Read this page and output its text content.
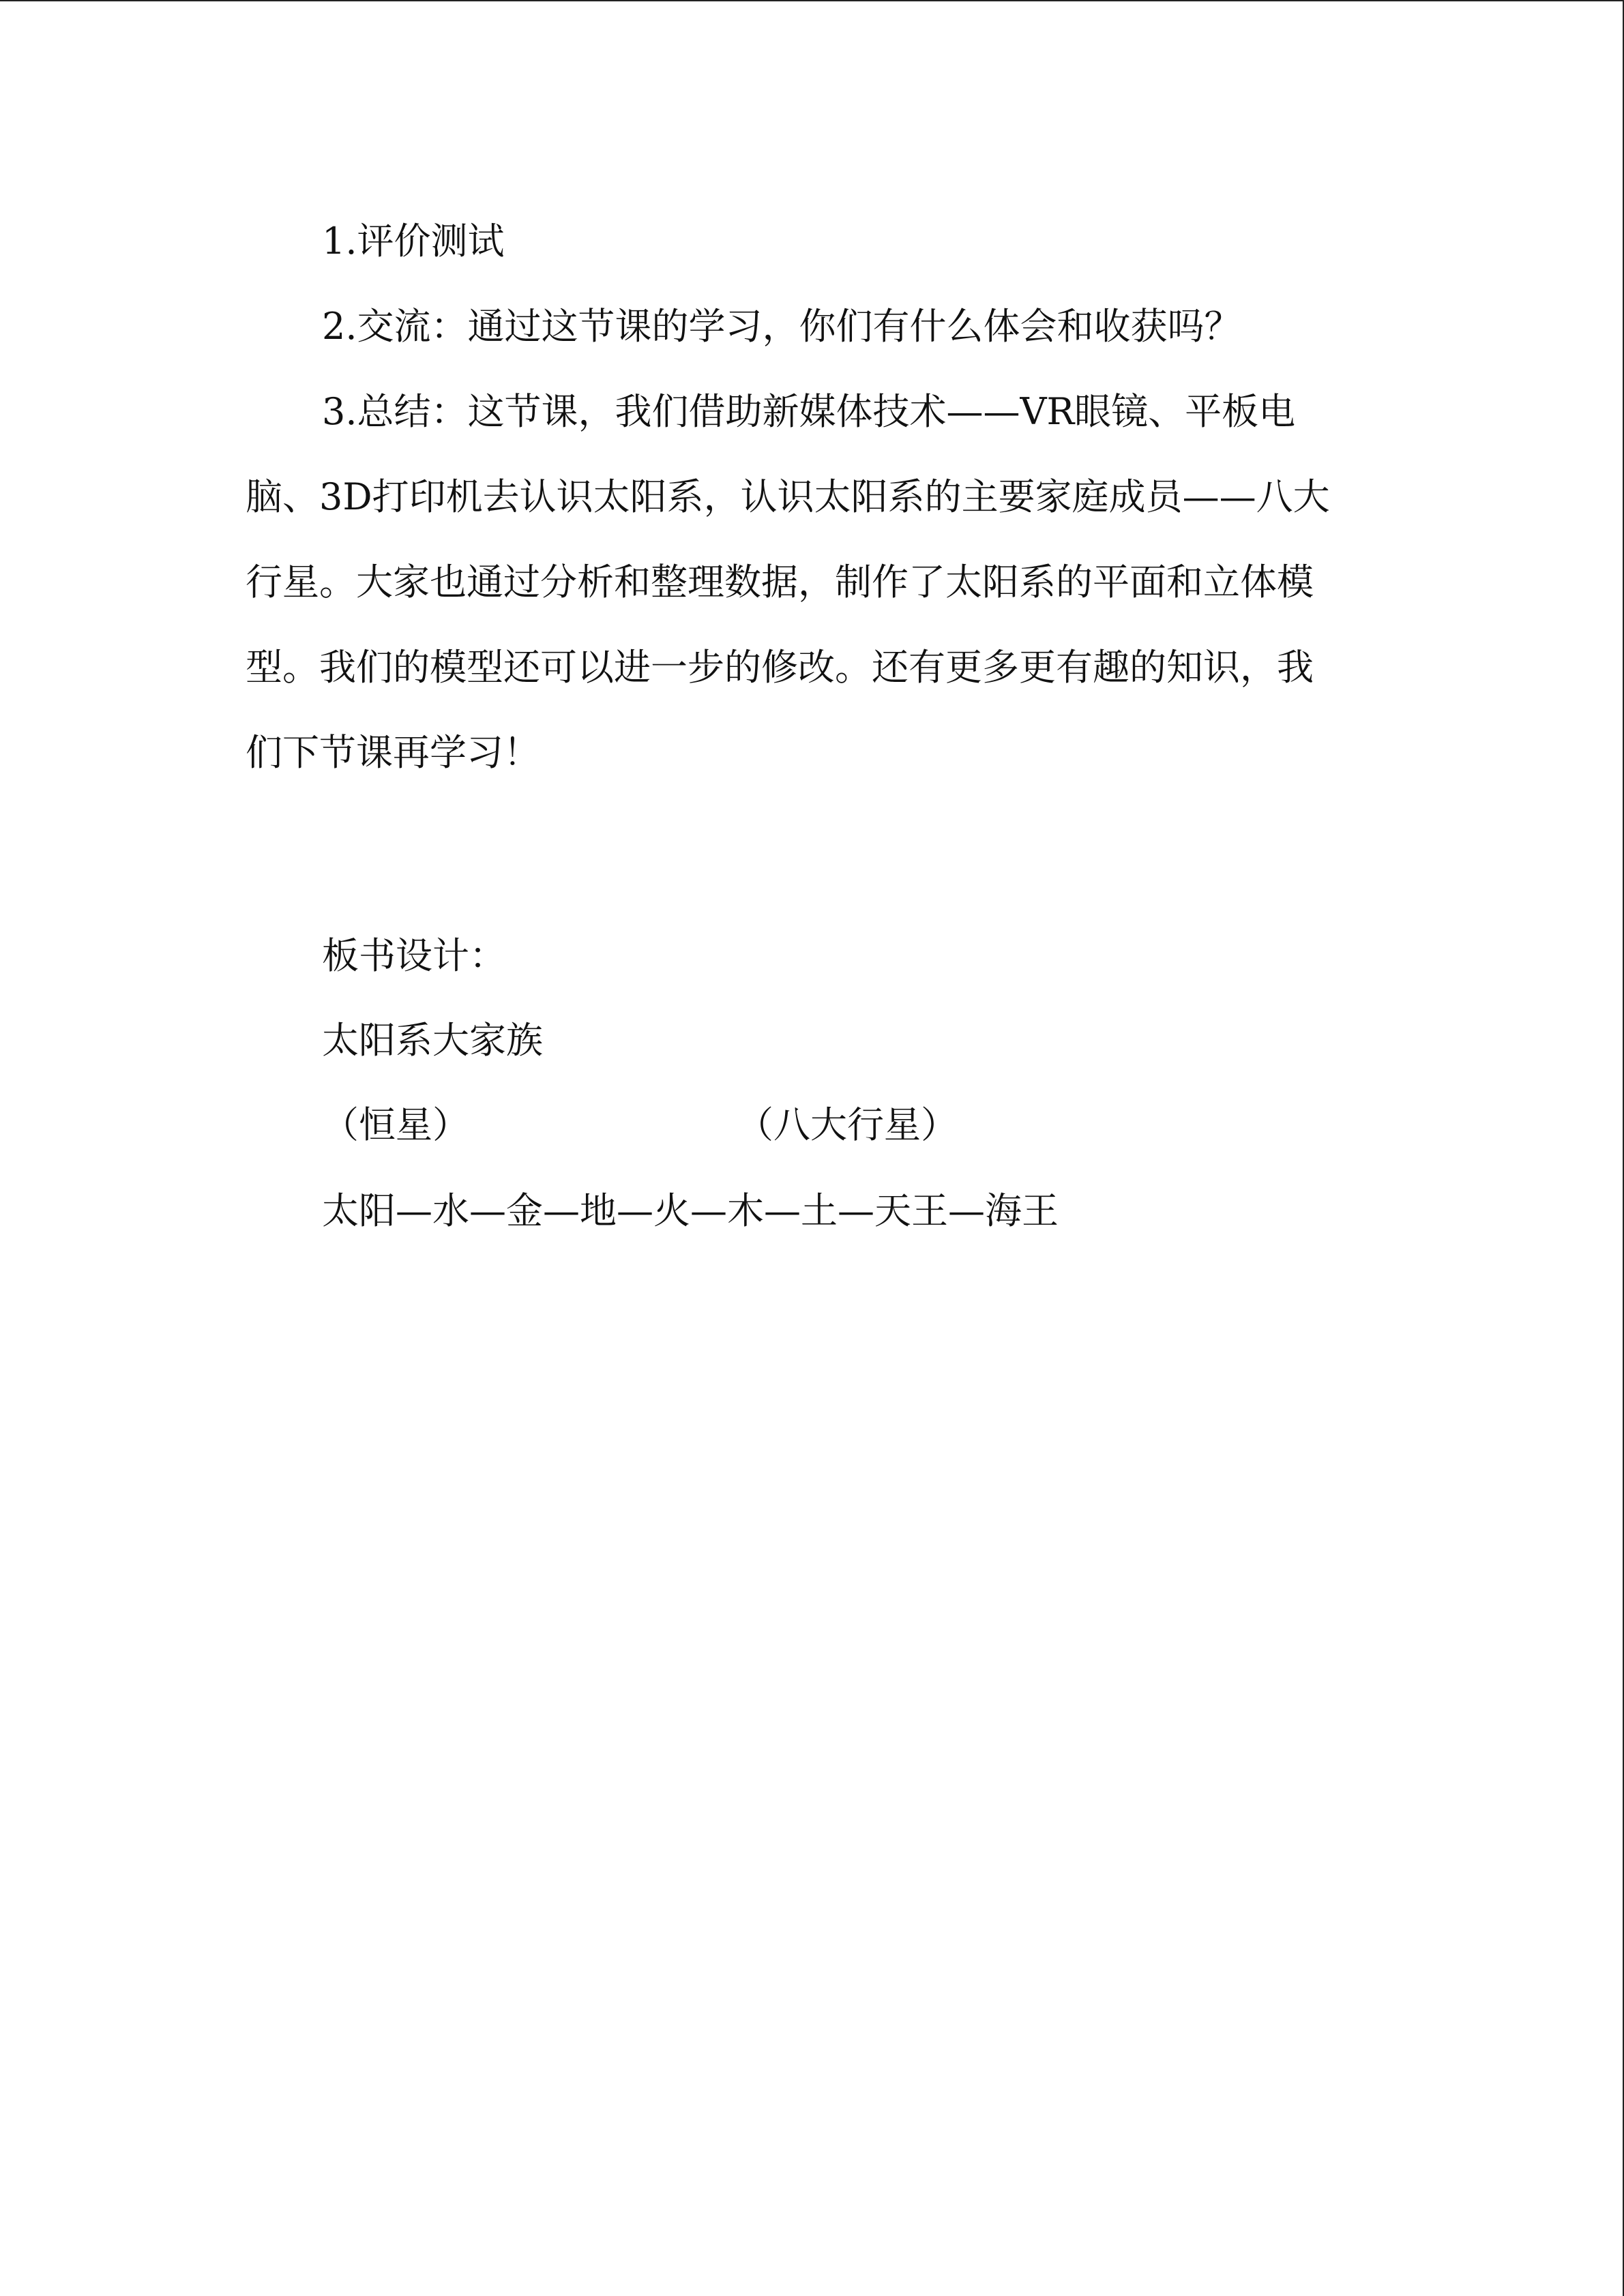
1.评价测试
2.交流：通过这节课的学习，你们有什么体会和收获吗？
3.总结：这节课，我们借助新媒体技术——VR眼镜、平板电
脑、3D打印机去认识太阳系，认识太阳系的主要家庭成员——八大
行星。大家也通过分析和整理数据，制作了太阳系的平面和立体模
型。我们的模型还可以进一步的修改。还有更多更有趣的知识，我
们下节课再学习！
板书设计：
太阳系大家族
（恒星）	（八大行星）
太阳—水—金—地—火—木—土—天王—海王
